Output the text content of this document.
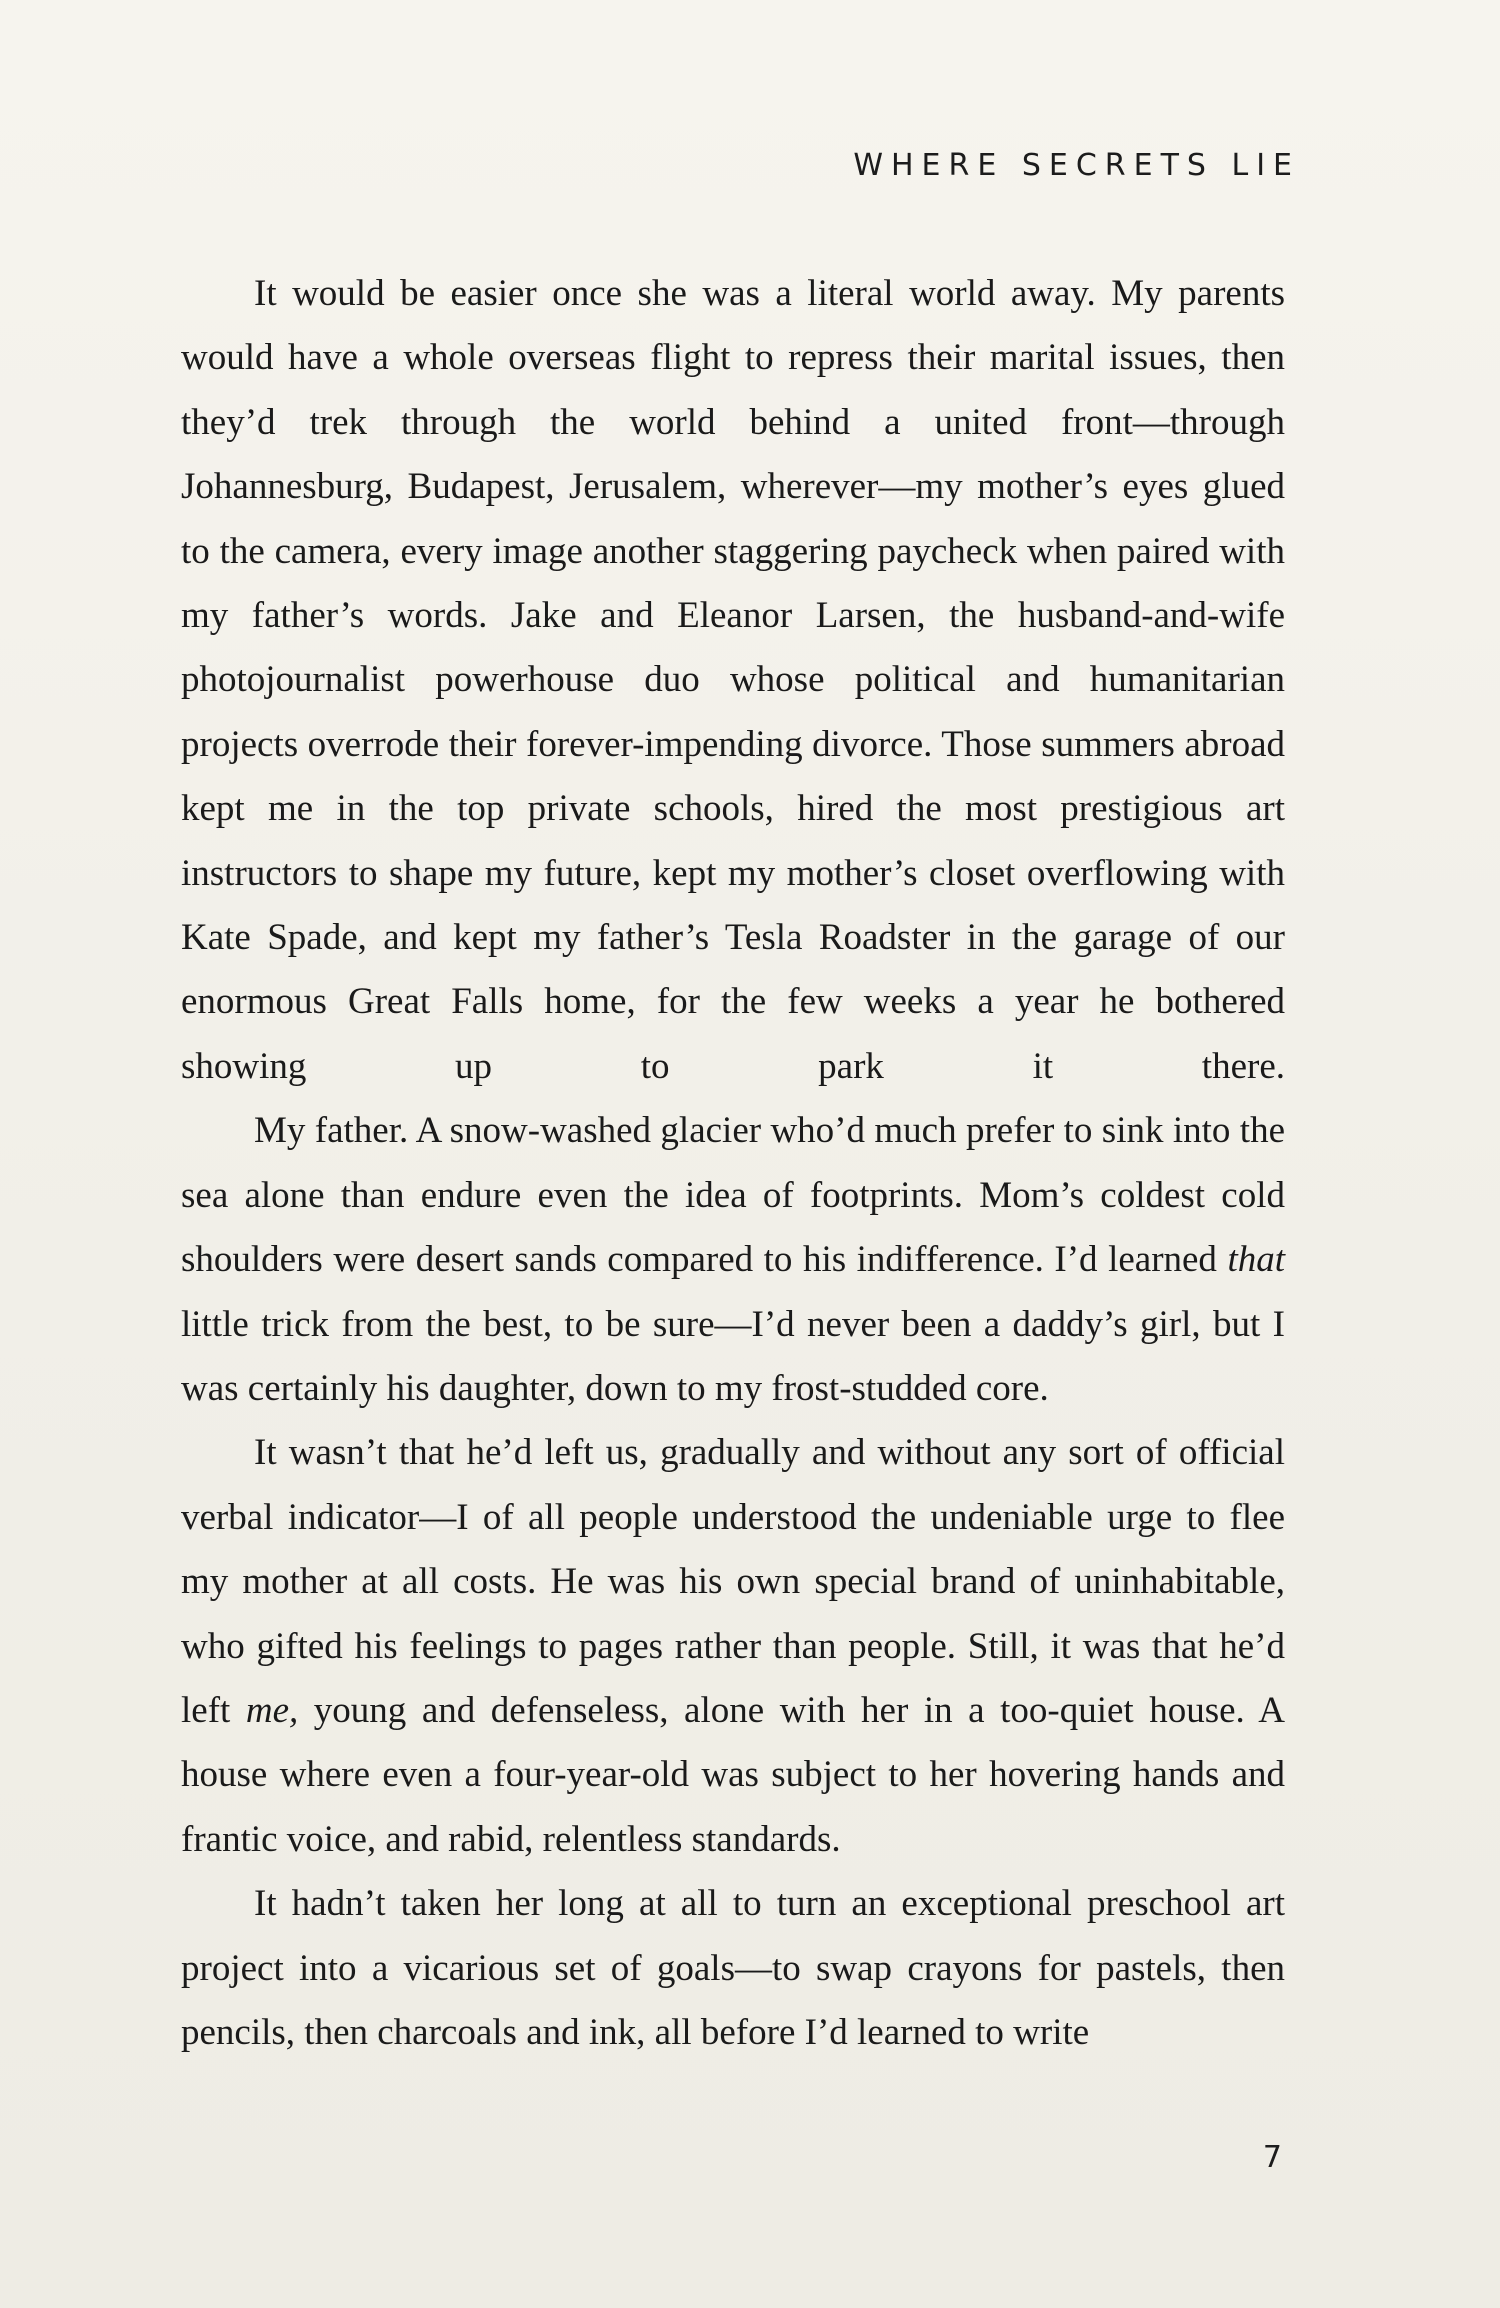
WHERE SECRETS LIE

It would be easier once she was a literal world away. My parents would have a whole overseas flight to repress their marital issues, then they’d trek through the world behind a united front—through Johannesburg, Budapest, Jerusalem, wherever—my mother’s eyes glued to the camera, every image another staggering paycheck when paired with my father’s words. Jake and Eleanor Larsen, the husband-and-wife photojournalist powerhouse duo whose political and humanitarian projects overrode their forever-impending divorce. Those summers abroad kept me in the top private schools, hired the most prestigious art instructors to shape my future, kept my mother’s closet overflowing with Kate Spade, and kept my father’s Tesla Roadster in the garage of our enormous Great Falls home, for the few weeks a year he bothered showing up to park it there.

My father. A snow-washed glacier who’d much prefer to sink into the sea alone than endure even the idea of footprints. Mom’s coldest cold shoulders were desert sands compared to his indifference. I’d learned that little trick from the best, to be sure—I’d never been a daddy’s girl, but I was certainly his daughter, down to my frost-studded core.

It wasn’t that he’d left us, gradually and without any sort of official verbal indicator—I of all people understood the undeniable urge to flee my mother at all costs. He was his own special brand of uninhabitable, who gifted his feelings to pages rather than people. Still, it was that he’d left me, young and defenseless, alone with her in a too-quiet house. A house where even a four-year-old was subject to her hovering hands and frantic voice, and rabid, relentless standards.

It hadn’t taken her long at all to turn an exceptional preschool art project into a vicarious set of goals—to swap crayons for pastels, then pencils, then charcoals and ink, all before I’d learned to write

7
